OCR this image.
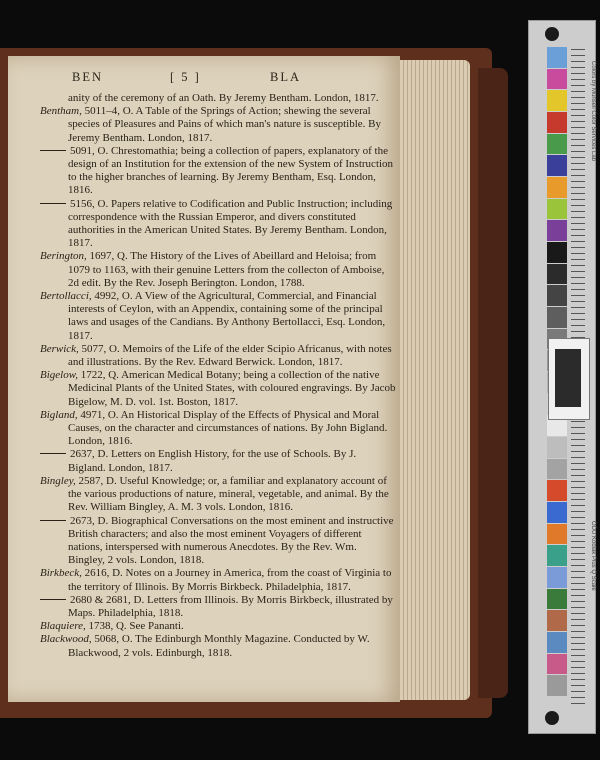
BEN	[ 5 ]	BLA

anity of the ceremony of an Oath. By Jeremy Bentham. London, 1817.

Bentham, 5011–4, O. A Table of the Springs of Action; shewing the several species of Pleasures and Pains of which man's nature is susceptible. By Jeremy Bentham. London, 1817.

5091, O. Chrestomathia; being a collection of papers, explanatory of the design of an Institution for the extension of the new System of Instruction to the higher branches of learning. By Jeremy Bentham, Esq. London, 1816.

5156, O. Papers relative to Codification and Public Instruction; including correspondence with the Russian Emperor, and divers constituted authorities in the American United States. By Jeremy Bentham. London, 1817.

Berington, 1697, Q. The History of the Lives of Abeillard and Heloisa; from 1079 to 1163, with their genuine Letters from the collecton of Amboise, 2d edit. By the Rev. Joseph Berington. London, 1788.

Bertollacci, 4992, O. A View of the Agricultural, Commercial, and Financial interests of Ceylon, with an Appendix, containing some of the principal laws and usages of the Candians. By Anthony Bertollacci, Esq. London, 1817.

Berwick, 5077, O. Memoirs of the Life of the elder Scipio Africanus, with notes and illustrations. By the Rev. Edward Berwick. London, 1817.

Bigelow, 1722, Q. American Medical Botany; being a collection of the native Medicinal Plants of the United States, with coloured engravings. By Jacob Bigelow, M. D. vol. 1st. Boston, 1817.

Bigland, 4971, O. An Historical Display of the Effects of Physical and Moral Causes, on the character and circumstances of nations. By John Bigland. London, 1816.

2637, D. Letters on English History, for the use of Schools. By J. Bigland. London, 1817.

Bingley, 2587, D. Useful Knowledge; or, a familiar and explanatory account of the various productions of nature, mineral, vegetable, and animal. By the Rev. William Bingley, A. M. 3 vols. London, 1816.

2673, D. Biographical Conversations on the most eminent and instructive British characters; and also the most eminent Voyagers of different nations, interspersed with numerous Anecdotes. By the Rev. Wm. Bingley, 2 vols. London, 1818.

Birkbeck, 2616, D. Notes on a Journey in America, from the coast of Virginia to the territory of Illinois. By Morris Birkbeck. Philadelphia, 1817.

2680 & 2681, D. Letters from Illinois. By Morris Birkbeck, illustrated by Maps. Philadelphia, 1818.

Blaquiere, 1738, Q. See Pananti.

Blackwood, 5068, O. The Edinburgh Monthly Magazine. Conducted by W. Blackwood, 2 vols. Edinburgh, 1818.

Colors by Munsell Color Services Lab
ODU Kodiak Plus Q Scale
